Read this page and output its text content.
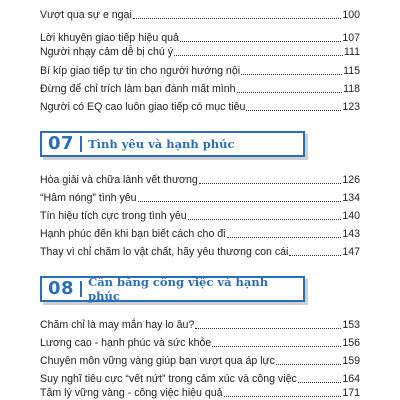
Vượt qua sự e ngại	100
Lời khuyên giao tiếp hiệu quả	107
Người nhạy cảm dễ bị chú ý	111
Bí kíp giao tiếp tự tin cho người hướng nội	115
Đừng để chỉ trích làm bạn đánh mất mình	118
Người có EQ cao luôn giao tiếp có mục tiêu	123
07 Tình yêu và hạnh phúc
Hòa giải và chữa lành vết thương	126
“Hâm nóng” tình yêu	134
Tín hiệu tích cực trong tình yêu	140
Hạnh phúc đến khi bạn biết cách cho đi	143
Thay vì chỉ chăm lo vật chất, hãy yêu thương con cái	147
08 Cân bằng công việc và hạnh phúc
Chăm chỉ là may mắn hay lo âu?	153
Lương cao - hạnh phúc và sức khỏe	156
Chuyên môn vững vàng giúp bạn vượt qua áp lực	159
Suy nghĩ tiêu cực “vết nứt” trong cảm xúc và công việc	164
Tâm lý vững vàng - công việc hiệu quả	171
